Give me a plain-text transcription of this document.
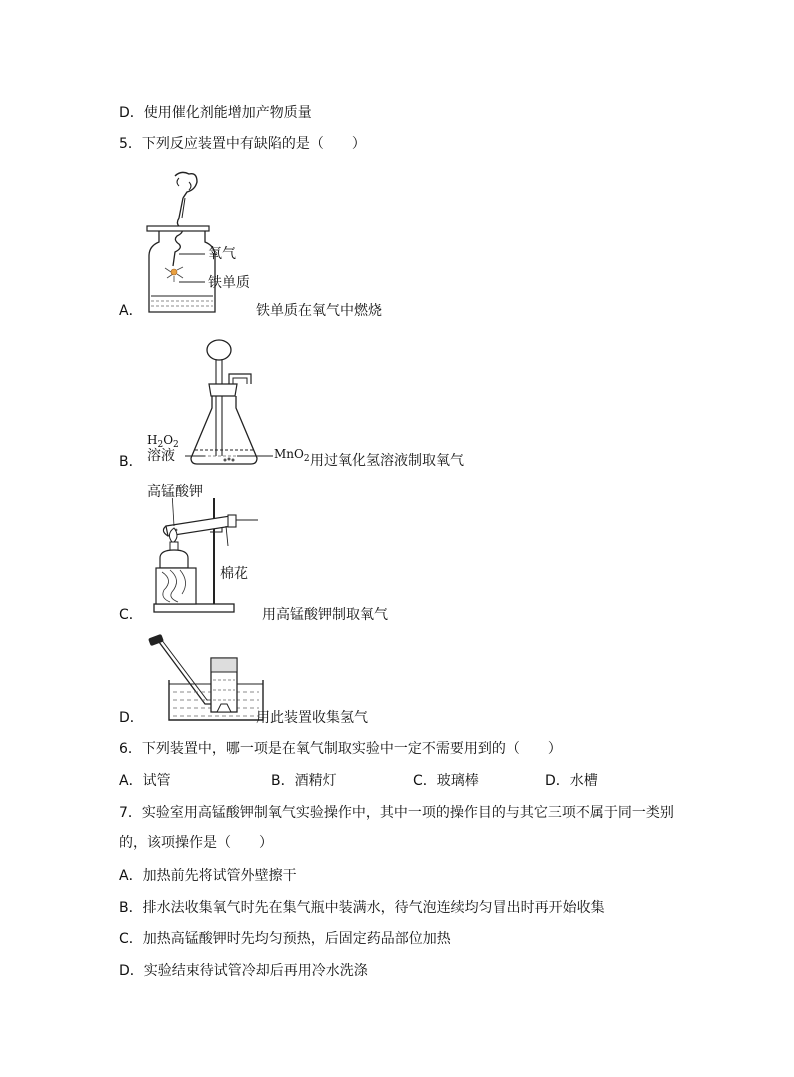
D．使用催化剂能增加产物质量
5．下列反应装置中有缺陷的是（　　）
氧气
铁单质
A．	铁单质在氧气中燃烧
$H_2O_2$
溶液	MnO$_2$
B．	用过氧化氢溶液制取氧气
高锰酸钾
棉花
C．	用高锰酸钾制取氧气
D．	用此装置收集氢气
6．下列装置中，哪一项是在氧气制取实验中一定不需要用到的（　　）
A．试管	B．酒精灯	C．玻璃棒	D．水槽
7．实验室用高锰酸钾制氧气实验操作中，其中一项的操作目的与其它三项不属于同一类别
的，该项操作是（　　）
A．加热前先将试管外壁擦干
B．排水法收集氧气时先在集气瓶中装满水，待气泡连续均匀冒出时再开始收集
C．加热高锰酸钾时先均匀预热，后固定药品部位加热
D．实验结束待试管冷却后再用冷水洗涤
